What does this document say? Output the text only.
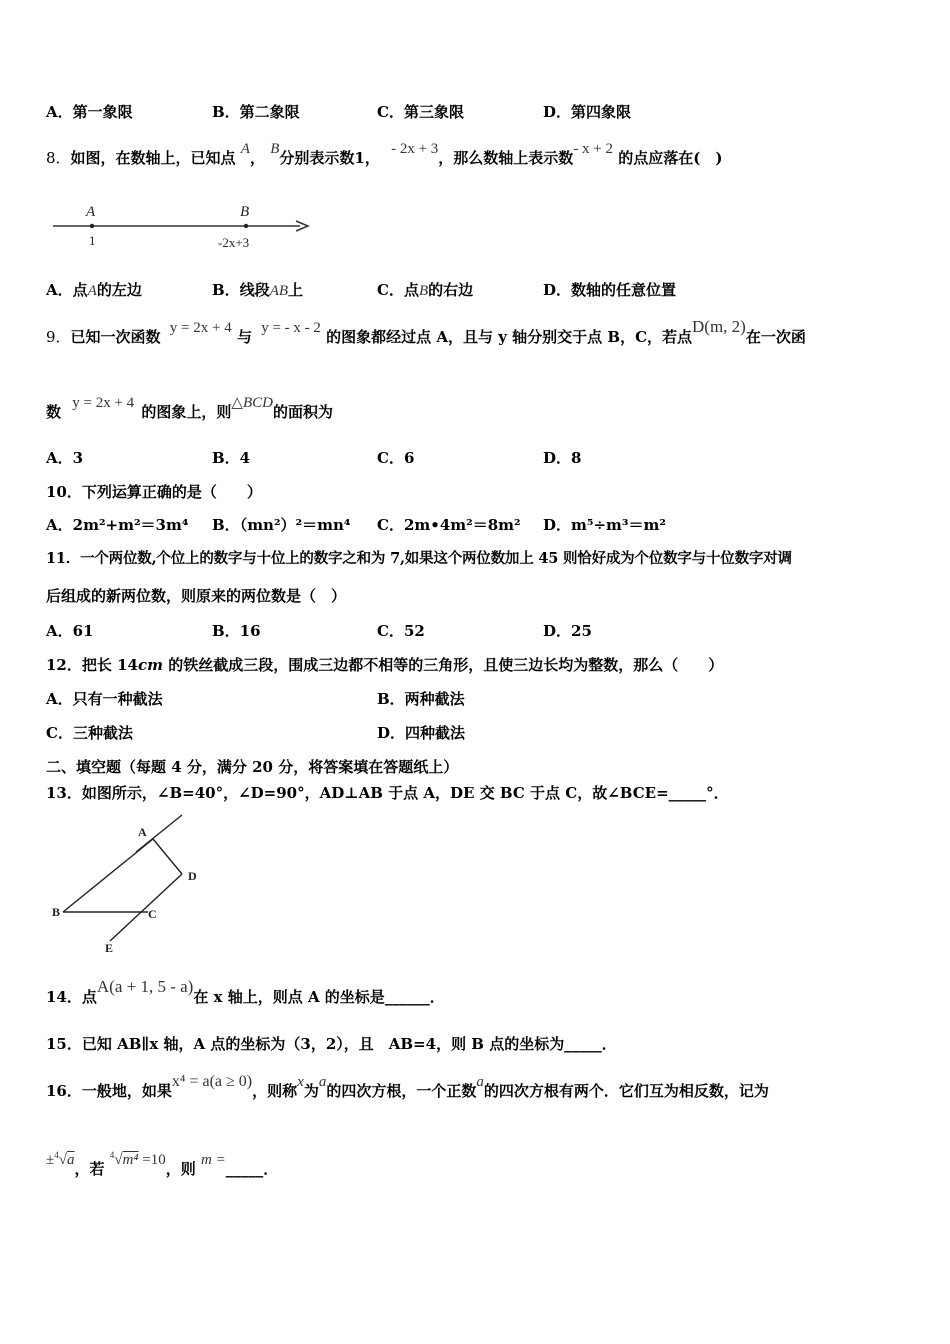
A．第一象限	B．第二象限	C．第三象限	D．第四象限
8．如图，在数轴上，已知点 A， B分别表示数1， - 2x + 3，那么数轴上表示数- x + 2 的点应落在(　)
A	B
1	-2x+3
A．点A的左边	B．线段AB上	C．点B的右边	D．数轴的任意位置
9．已知一次函数 y = 2x + 4 与 y = - x - 2 的图象都经过点 A，且与 y 轴分别交于点 B，C，若点D(m, 2)在一次函
数 y = 2x + 4 的图象上，则△BCD的面积为
A．3	B．4	C．6	D．8
10．下列运算正确的是（　　）
A．2m²+m²＝3m⁴ B．（mn²）²＝mn⁴ C．2m•4m²＝8m² D．m⁵÷m³＝m²
11．一个两位数,个位上的数字与十位上的数字之和为 7,如果这个两位数加上 45 则恰好成为个位数字与十位数字对调
后组成的新两位数，则原来的两位数是（　）
A．61	B．16	C．52	D．25
12．把长 14cm 的铁丝截成三段，围成三边都不相等的三角形，且使三边长均为整数，那么（　　）
A．只有一种截法	B．两种截法
C．三种截法	D．四种截法
二、填空题（每题 4 分，满分 20 分，将答案填在答题纸上）
13．如图所示，∠B=40°，∠D=90°，AD⊥AB 于点 A，DE 交 BC 于点 C，故∠BCE=_____°．
A
B	C
D
E
14．点A(a + 1, 5 - a)在 x 轴上，则点 A 的坐标是______．
15．已知 AB∥x 轴，A 点的坐标为（3，2），且　AB=4，则 B 点的坐标为_____．
16．一般地，如果x⁴ = a(a ≥ 0)，则称x为a的四次方根，一个正数a的四次方根有两个．它们互为相反数，记为
±$^4$√a，若 $^4$√m⁴ =10，则 m =_____．
